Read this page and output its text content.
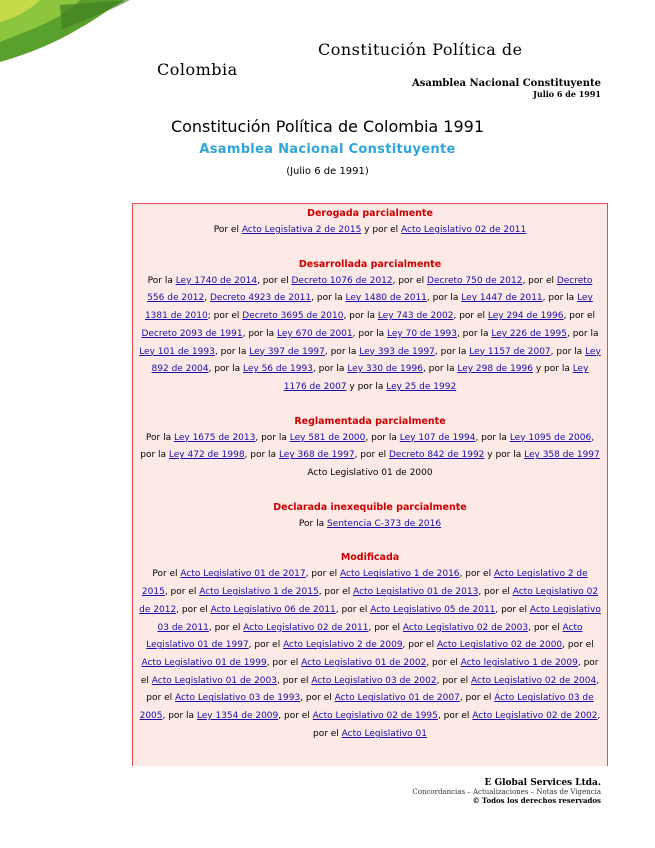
Constitución Política de
Colombia
Asamblea Nacional Constituyente
Julio 6 de 1991
Constitución Política de Colombia 1991
Asamblea Nacional Constituyente
(Julio 6 de 1991)
Derogada parcialmente

Por el Acto Legislativa 2 de 2015 y por el Acto Legislativo 02 de 2011

Desarrollada parcialmente

Por la Ley 1740 de 2014, por el Decreto 1076 de 2012, por el Decreto 750 de 2012, por el Decreto 556 de 2012, Decreto 4923 de 2011, por la Ley 1480 de 2011, por la Ley 1447 de 2011, por la Ley 1381 de 2010; por el Decreto 3695 de 2010, por la Ley 743 de 2002, por el Ley 294 de 1996, por el Decreto 2093 de 1991, por la Ley 670 de 2001, por la Ley 70 de 1993, por la Ley 226 de 1995, por la Ley 101 de 1993, por la Ley 397 de 1997, por la Ley 393 de 1997, por la Ley 1157 de 2007, por la Ley 892 de 2004, por la Ley 56 de 1993, por la Ley 330 de 1996, por la Ley 298 de 1996 y por la Ley 1176 de 2007 y por la Ley 25 de 1992

Reglamentada parcialmente

Por la Ley 1675 de 2013, por la Ley 581 de 2000, por la Ley 107 de 1994, por la Ley 1095 de 2006, por la Ley 472 de 1998, por la Ley 368 de 1997, por el Decreto 842 de 1992 y por la Ley 358 de 1997

Acto Legislativo 01 de 2000

Declarada inexequible parcialmente

Por la Sentencia C-373 de 2016

Modificada

Por el Acto Legislativo 01 de 2017, por el Acto Legislativo 1 de 2016, por el Acto Legislativo 2 de 2015, por el Acto Legislativo 1 de 2015, por el Acto Legislativo 01 de 2013, por el Acto Legislativo 02 de 2012, por el Acto Legislativo 06 de 2011, por el Acto Legislativo 05 de 2011, por el Acto Legislativo 03 de 2011, por el Acto Legislativo 02 de 2011, por el Acto Legislativo 02 de 2003, por el Acto Legislativo 01 de 1997, por el Acto Legislativo 2 de 2009, por el Acto Legislativo 02 de 2000, por el Acto Legislativo 01 de 1999, por el Acto Legislativo 01 de 2002, por el Acto legislativo 1 de 2009, por el Acto Legislativo 01 de 2003, por el Acto Legislativo 03 de 2002, por el Acto Legislativo 02 de 2004, por el Acto Legislativo 03 de 1993, por el Acto Legislativo 01 de 2007, por el Acto Legislativo 03 de 2005, por la Ley 1354 de 2009, por el Acto Legislativo 02 de 1995, por el Acto Legislativo 02 de 2002, por el Acto Legislativo 01

E Global Services Ltda.
Concordancias – Actualizaciones – Notas de Vigencia
© Todos los derechos reservados
